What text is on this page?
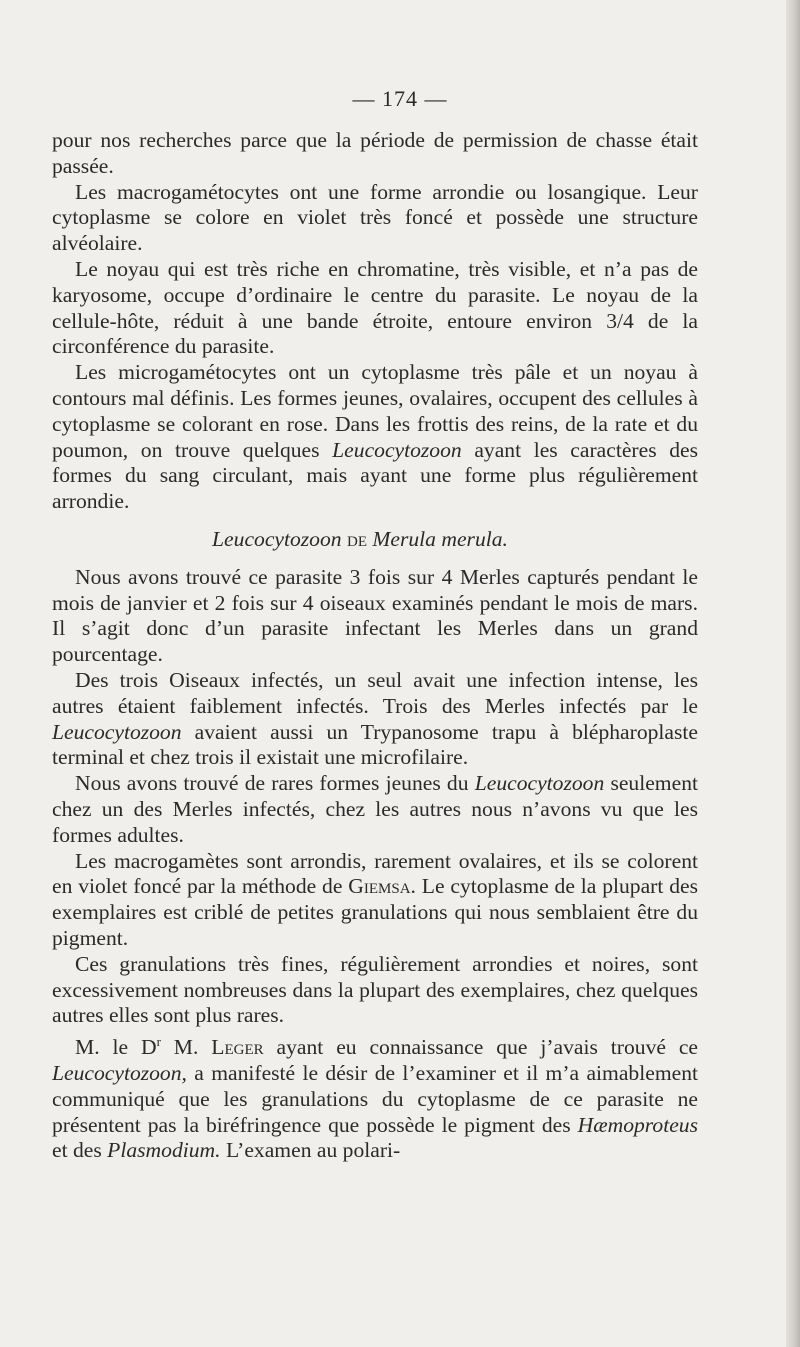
— 174 —

pour nos recherches parce que la période de permission de chasse était passée.

Les macrogamétocytes ont une forme arrondie ou losangique. Leur cytoplasme se colore en violet très foncé et possède une structure alvéolaire.

Le noyau qui est très riche en chromatine, très visible, et n’a pas de karyosome, occupe d’ordinaire le centre du parasite. Le noyau de la cellule-hôte, réduit à une bande étroite, entoure environ 3/4 de la circonférence du parasite.

Les microgamétocytes ont un cytoplasme très pâle et un noyau à contours mal définis. Les formes jeunes, ovalaires, occupent des cellules à cytoplasme se colorant en rose. Dans les frottis des reins, de la rate et du poumon, on trouve quelques Leucocytozoon ayant les caractères des formes du sang circulant, mais ayant une forme plus régulièrement arrondie.

Leucocytozoon de Merula merula.

Nous avons trouvé ce parasite 3 fois sur 4 Merles capturés pendant le mois de janvier et 2 fois sur 4 oiseaux examinés pendant le mois de mars. Il s’agit donc d’un parasite infectant les Merles dans un grand pourcentage.

Des trois Oiseaux infectés, un seul avait une infection intense, les autres étaient faiblement infectés. Trois des Merles infectés par le Leucocytozoon avaient aussi un Trypanosome trapu à blépharoplaste terminal et chez trois il existait une microfilaire.

Nous avons trouvé de rares formes jeunes du Leucocytozoon seulement chez un des Merles infectés, chez les autres nous n’avons vu que les formes adultes.

Les macrogamètes sont arrondis, rarement ovalaires, et ils se colorent en violet foncé par la méthode de Giemsa. Le cytoplasme de la plupart des exemplaires est criblé de petites granulations qui nous semblaient être du pigment.

Ces granulations très fines, régulièrement arrondies et noires, sont excessivement nombreuses dans la plupart des exemplaires, chez quelques autres elles sont plus rares.

M. le $D^r$ M. Leger ayant eu connaissance que j’avais trouvé ce Leucocytozoon, a manifesté le désir de l’examiner et il m’a aimablement communiqué que les granulations du cytoplasme de ce parasite ne présentent pas la biréfringence que possède le pigment des Hæmoproteus et des Plasmodium. L’examen au polari-
